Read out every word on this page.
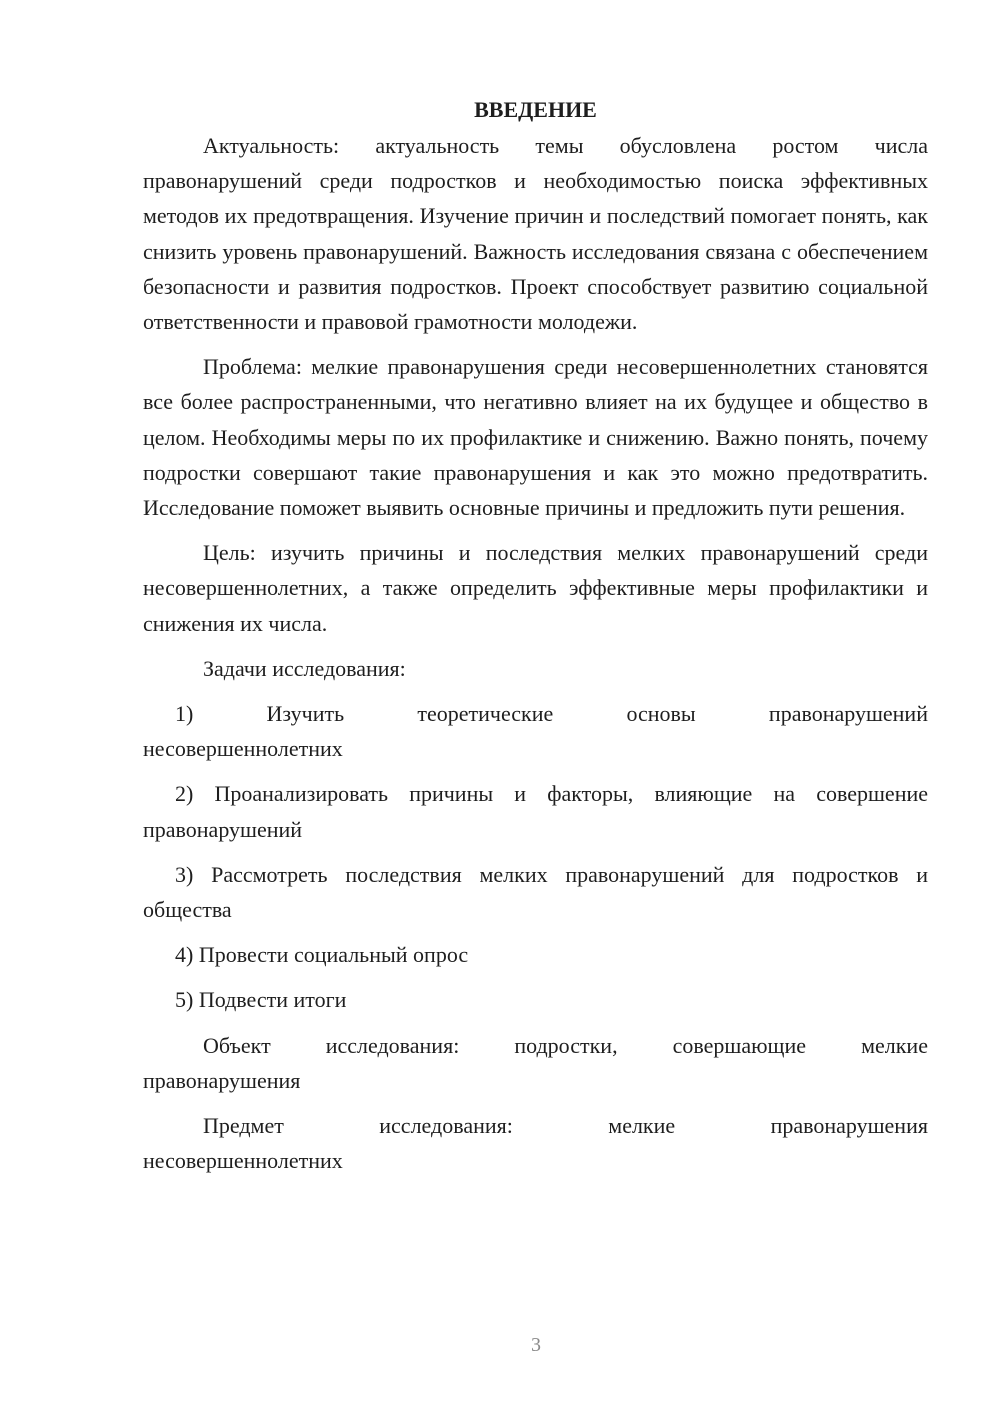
ВВЕДЕНИЕ

Актуальность: актуальность темы обусловлена ростом числа правонарушений среди подростков и необходимостью поиска эффективных методов их предотвращения. Изучение причин и последствий помогает понять, как снизить уровень правонарушений. Важность исследования связана с обеспечением безопасности и развития подростков. Проект способствует развитию социальной ответственности и правовой грамотности молодежи.

Проблема: мелкие правонарушения среди несовершеннолетних становятся все более распространенными, что негативно влияет на их будущее и общество в целом. Необходимы меры по их профилактике и снижению. Важно понять, почему подростки совершают такие правонарушения и как это можно предотвратить. Исследование поможет выявить основные причины и предложить пути решения.

Цель: изучить причины и последствия мелких правонарушений среди несовершеннолетних, а также определить эффективные меры профилактики и снижения их числа.

Задачи исследования:

1)	Изучить	теоретические	основы	правонарушений
несовершеннолетних

2) Проанализировать причины и факторы, влияющие на совершение правонарушений

3) Рассмотреть последствия мелких правонарушений для подростков и общества

4) Провести социальный опрос

5) Подвести итоги

Объект	исследования:	подростки,	совершающие	мелкие
правонарушения
Предмет	исследования:	мелкие	правонарушения
несовершеннолетних
3
